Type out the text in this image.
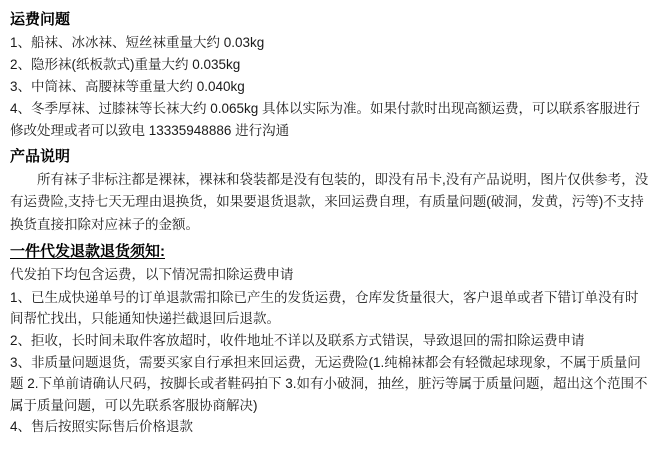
运费问题

1、船袜、冰冰袜、短丝袜重量大约 0.03kg

2、隐形袜(纸板款式)重量大约 0.035kg

3、中筒袜、高腰袜等重量大约 0.040kg

4、冬季厚袜、过膝袜等长袜大约 0.065kg 具体以实际为准。如果付款时出现高额运费，可以联系客服进行修改处理或者可以致电 13335948886 进行沟通

产品说明

所有袜子非标注都是裸袜，裸袜和袋装都是没有包装的，即没有吊卡,没有产品说明，图片仅供参考，没有运费险,支持七天无理由退换货，如果要退货退款，来回运费自理，有质量问题(破洞，发黄，污等)不支持换货直接扣除对应袜子的金额。

一件代发退款退货须知:

代发拍下均包含运费，以下情况需扣除运费申请

1、已生成快递单号的订单退款需扣除已产生的发货运费，仓库发货量很大，客户退单或者下错订单没有时间帮忙找出，只能通知快递拦截退回后退款。

2、拒收，长时间未取件客放超时，收件地址不详以及联系方式错误，导致退回的需扣除运费申请

3、非质量问题退货，需要买家自行承担来回运费，无运费险(1.纯棉袜都会有轻微起球现象，不属于质量问题 2.下单前请确认尺码，按脚长或者鞋码拍下 3.如有小破洞，抽丝，脏污等属于质量问题，超出这个范围不属于质量问题，可以先联系客服协商解决)

4、售后按照实际售后价格退款
